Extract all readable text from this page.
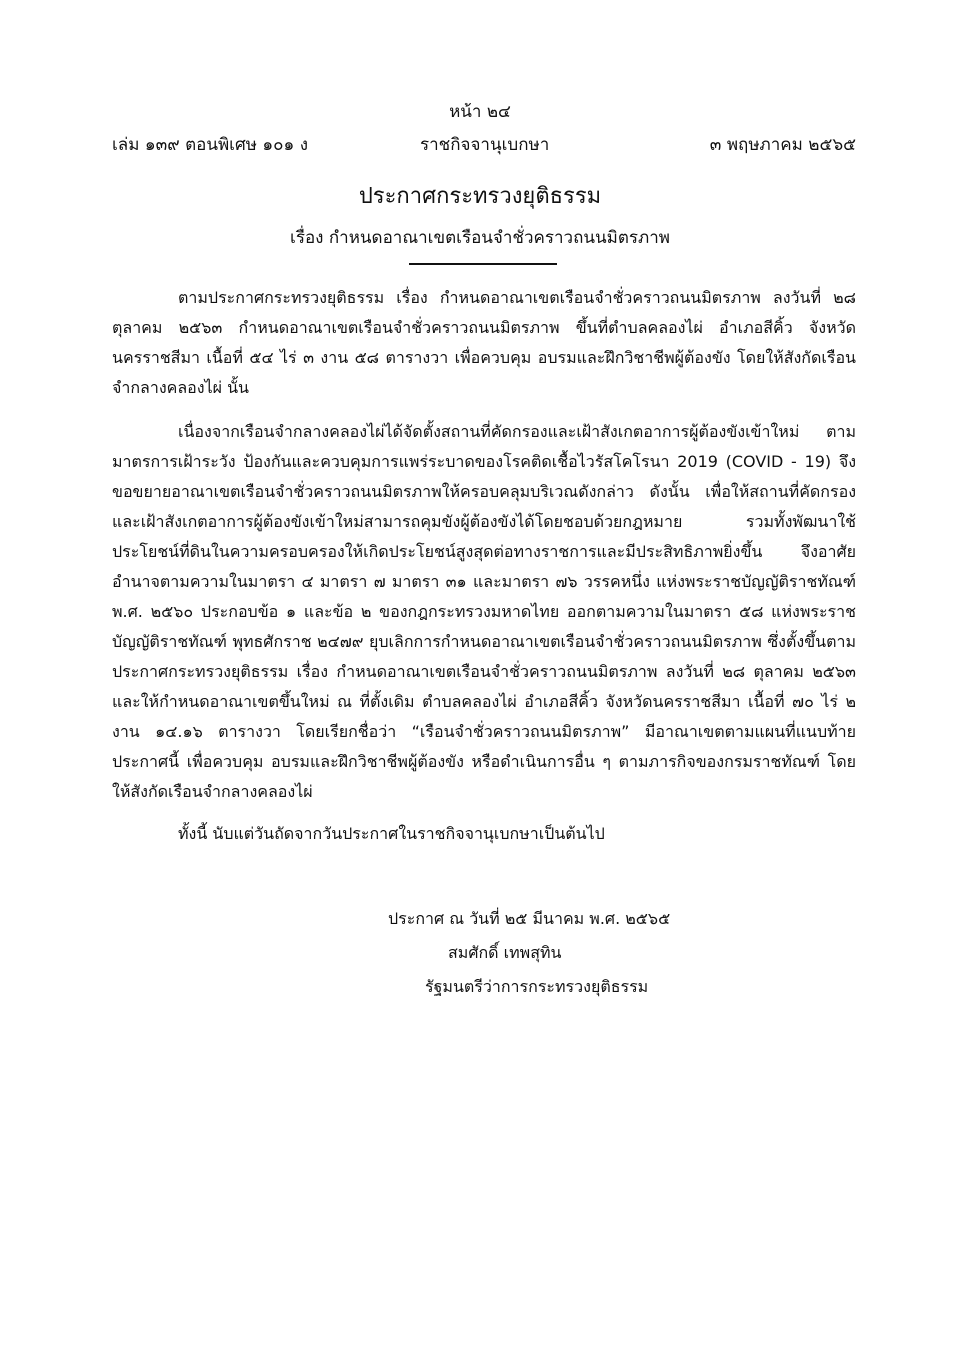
หน้า ๒๔
เล่ม ๑๓๙ ตอนพิเศษ ๑๐๑ ง	ราชกิจจานุเบกษา	๓ พฤษภาคม ๒๕๖๕
ประกาศกระทรวงยุติธรรม
เรื่อง กำหนดอาณาเขตเรือนจำชั่วคราวถนนมิตรภาพ

ตามประกาศกระทรวงยุติธรรม เรื่อง กำหนดอาณาเขตเรือนจำชั่วคราวถนนมิตรภาพ ลงวันที่ ๒๘ ตุลาคม ๒๕๖๓ กำหนดอาณาเขตเรือนจำชั่วคราวถนนมิตรภาพ ขึ้นที่ตำบลคลองไผ่ อำเภอสีคิ้ว จังหวัดนครราชสีมา เนื้อที่ ๕๔ ไร่ ๓ งาน ๕๘ ตารางวา เพื่อควบคุม อบรมและฝึกวิชาชีพผู้ต้องขัง โดยให้สังกัดเรือนจำกลางคลองไผ่ นั้น

เนื่องจากเรือนจำกลางคลองไผ่ได้จัดตั้งสถานที่คัดกรองและเฝ้าสังเกตอาการผู้ต้องขังเข้าใหม่ ตามมาตรการเฝ้าระวัง ป้องกันและควบคุมการแพร่ระบาดของโรคติดเชื้อไวรัสโคโรนา 2019 (COVID - 19) จึงขอขยายอาณาเขตเรือนจำชั่วคราวถนนมิตรภาพให้ครอบคลุมบริเวณดังกล่าว ดังนั้น เพื่อให้สถานที่คัดกรองและเฝ้าสังเกตอาการผู้ต้องขังเข้าใหม่สามารถคุมขังผู้ต้องขังได้โดยชอบด้วยกฎหมาย รวมทั้งพัฒนาใช้ประโยชน์ที่ดินในความครอบครองให้เกิดประโยชน์สูงสุดต่อทางราชการและมีประสิทธิภาพยิ่งขึ้น จึงอาศัยอำนาจตามความในมาตรา ๔ มาตรา ๗ มาตรา ๓๑ และมาตรา ๗๖ วรรคหนึ่ง แห่งพระราชบัญญัติราชทัณฑ์ พ.ศ. ๒๕๖๐ ประกอบข้อ ๑ และข้อ ๒ ของกฎกระทรวงมหาดไทย ออกตามความในมาตรา ๕๘ แห่งพระราชบัญญัติราชทัณฑ์ พุทธศักราช ๒๔๗๙ ยุบเลิกการกำหนดอาณาเขตเรือนจำชั่วคราวถนนมิตรภาพ ซึ่งตั้งขึ้นตามประกาศกระทรวงยุติธรรม เรื่อง กำหนดอาณาเขตเรือนจำชั่วคราวถนนมิตรภาพ ลงวันที่ ๒๘ ตุลาคม ๒๕๖๓ และให้กำหนดอาณาเขตขึ้นใหม่ ณ ที่ตั้งเดิม ตำบลคลองไผ่ อำเภอสีคิ้ว จังหวัดนครราชสีมา เนื้อที่ ๗๐ ไร่ ๒ งาน ๑๔.๑๖ ตารางวา โดยเรียกชื่อว่า “เรือนจำชั่วคราวถนนมิตรภาพ” มีอาณาเขตตามแผนที่แนบท้ายประกาศนี้ เพื่อควบคุม อบรมและฝึกวิชาชีพผู้ต้องขัง หรือดำเนินการอื่น ๆ ตามภารกิจของกรมราชทัณฑ์ โดยให้สังกัดเรือนจำกลางคลองไผ่

ทั้งนี้ นับแต่วันถัดจากวันประกาศในราชกิจจานุเบกษาเป็นต้นไป

ประกาศ ณ วันที่ ๒๕ มีนาคม พ.ศ. ๒๕๖๕
สมศักดิ์ เทพสุทิน
รัฐมนตรีว่าการกระทรวงยุติธรรม
